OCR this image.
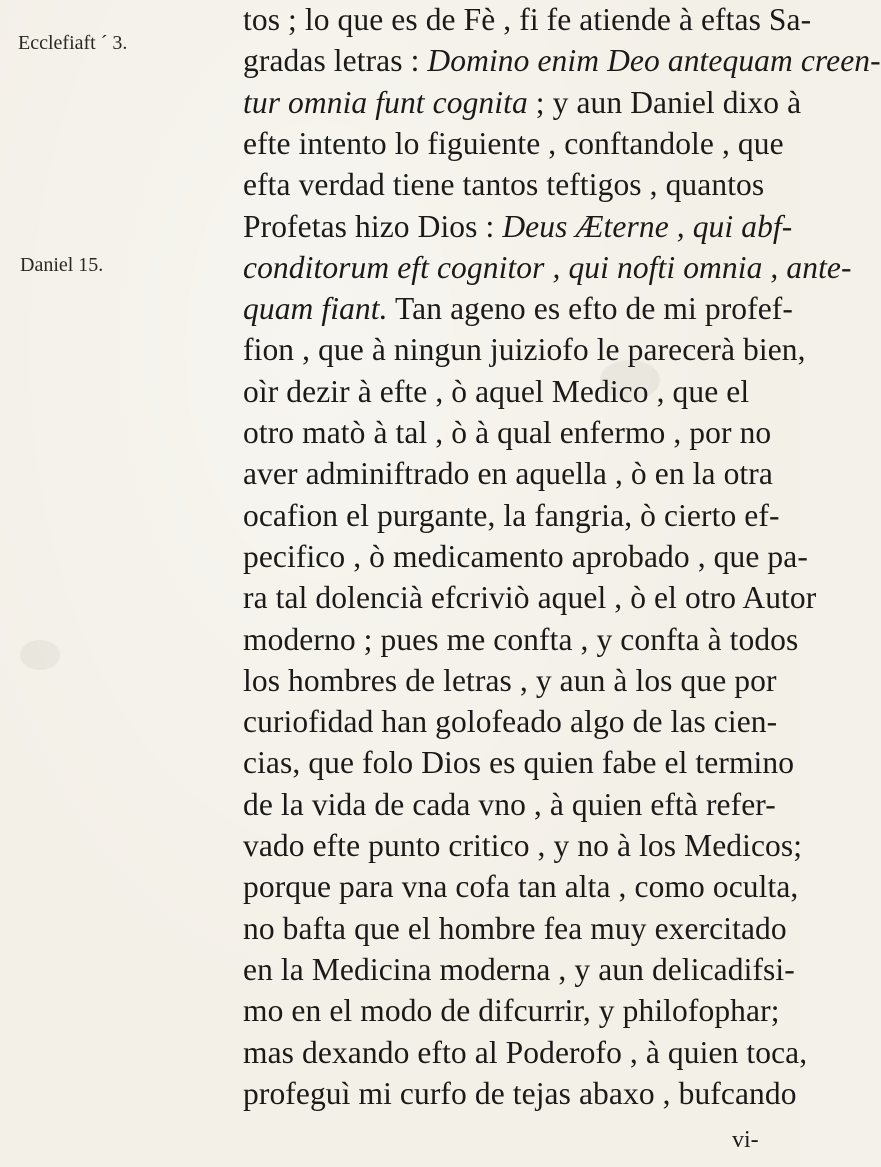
Ecclefiaft ´ 3.
Daniel 15.
tos ; lo que es de Fè , fi fe atiende à eftas Sa-
gradas letras : Domino enim Deo antequam creen-
tur omnia funt cognita ; y aun Daniel dixo à
efte intento lo figuiente , conftandole , que
efta verdad tiene tantos teftigos , quantos
Profetas hizo Dios : Deus Æterne , qui abf-
conditorum eft cognitor , qui nofti omnia , ante-
quam fiant. Tan ageno es efto de mi profef-
fion , que à ningun juiziofo le parecerà bien,
oìr dezir à efte , ò aquel Medico , que el
otro matò à tal , ò à qual enfermo , por no
aver adminiftrado en aquella , ò en la otra
ocafion el purgante, la fangria, ò cierto ef-
pecifico , ò medicamento aprobado , que pa-
ra tal dolencià efcriviò aquel , ò el otro Autor
moderno ; pues me confta , y confta à todos
los hombres de letras , y aun à los que por
curiofidad han golofeado algo de las cien-
cias, que folo Dios es quien fabe el termino
de la vida de cada vno , à quien eftà refer-
vado efte punto critico , y no à los Medicos;
porque para vna cofa tan alta , como oculta,
no bafta que el hombre fea muy exercitado
en la Medicina moderna , y aun delicadifsi-
mo en el modo de difcurrir, y philofophar;
mas dexando efto al Poderofo , à quien toca,
profeguì mi curfo de tejas abaxo , bufcando
vi-
